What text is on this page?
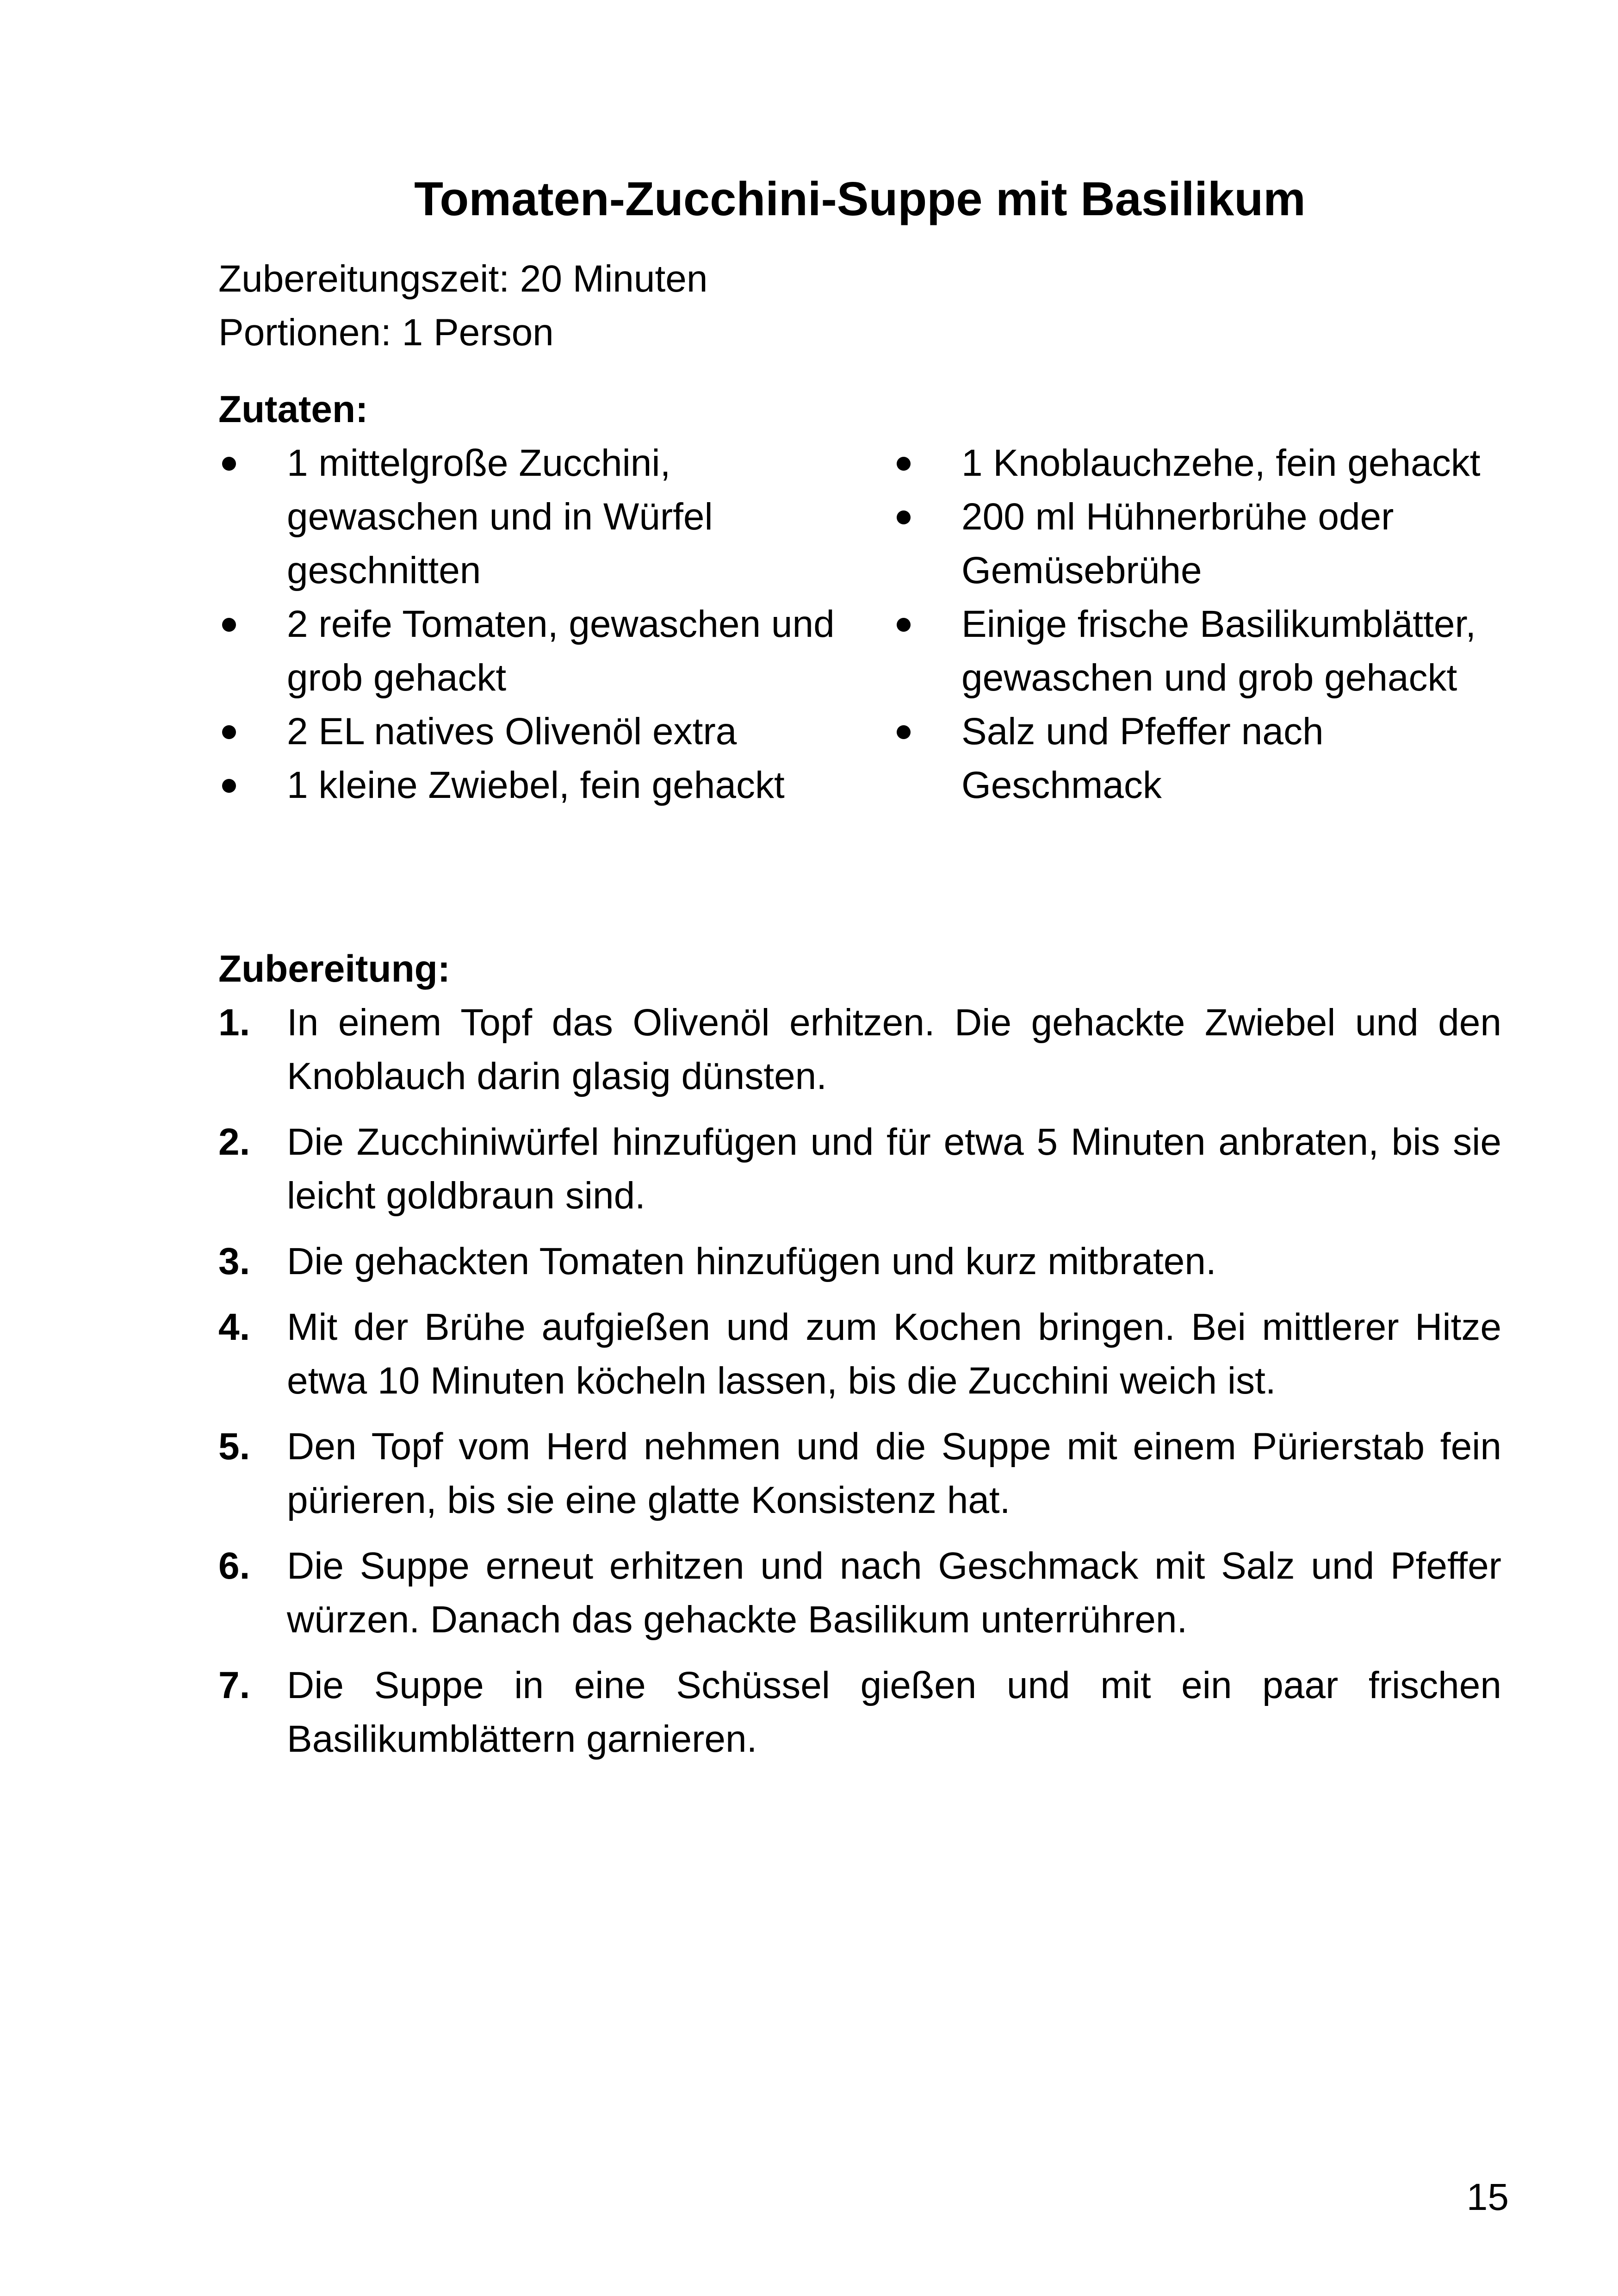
Tomaten-Zucchini-Suppe mit Basilikum
Zubereitungszeit: 20 Minuten
Portionen: 1 Person
Zutaten:
1 mittelgroße Zucchini, gewaschen und in Würfel geschnitten
2 reife Tomaten, gewaschen und grob gehackt
2 EL natives Olivenöl extra
1 kleine Zwiebel, fein gehackt
1 Knoblauchzehe, fein gehackt
200 ml Hühnerbrühe oder Gemüsebrühe
Einige frische Basilikumblätter, gewaschen und grob gehackt
Salz und Pfeffer nach Geschmack
Zubereitung:
1. In einem Topf das Olivenöl erhitzen. Die gehackte Zwiebel und den Knoblauch darin glasig dünsten.
2. Die Zucchiniwürfel hinzufügen und für etwa 5 Minuten anbraten, bis sie leicht goldbraun sind.
3. Die gehackten Tomaten hinzufügen und kurz mitbraten.
4. Mit der Brühe aufgießen und zum Kochen bringen. Bei mittlerer Hitze etwa 10 Minuten köcheln lassen, bis die Zucchini weich ist.
5. Den Topf vom Herd nehmen und die Suppe mit einem Pürierstab fein pürieren, bis sie eine glatte Konsistenz hat.
6. Die Suppe erneut erhitzen und nach Geschmack mit Salz und Pfeffer würzen. Danach das gehackte Basilikum unterrühren.
7. Die Suppe in eine Schüssel gießen und mit ein paar frischen Basilikumblättern garnieren.
15
